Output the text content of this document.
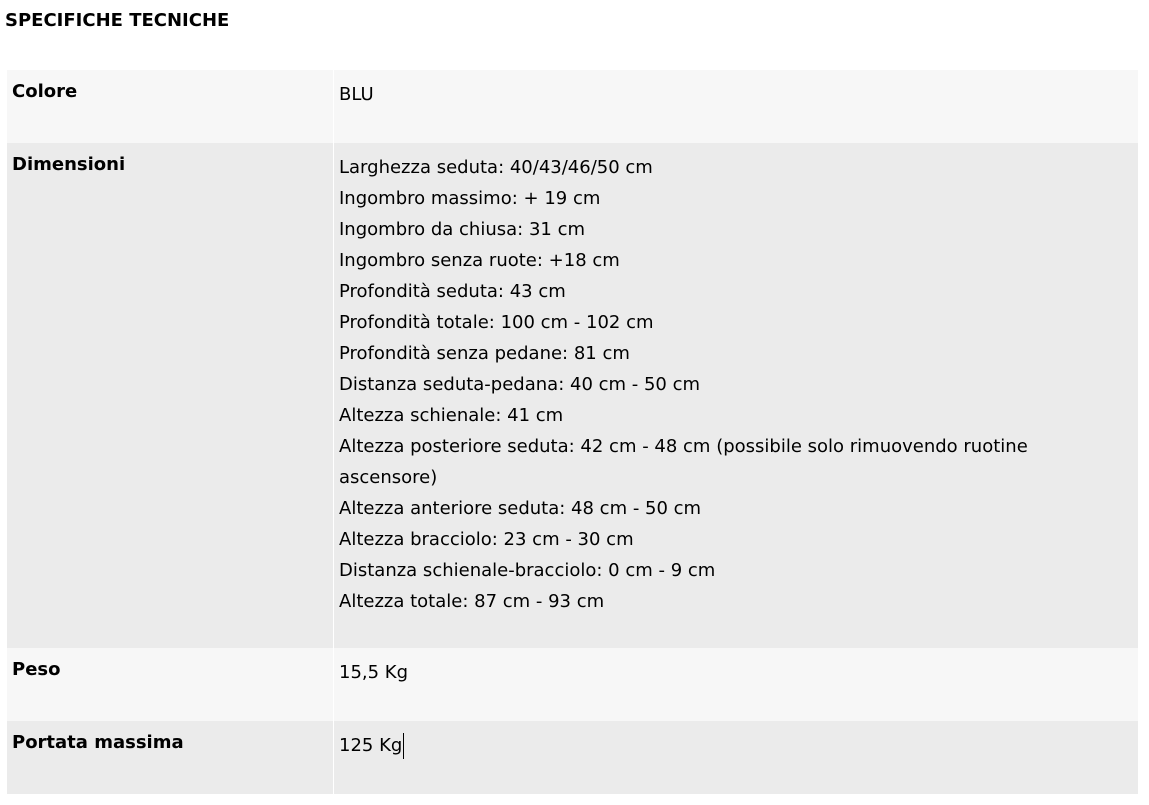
SPECIFICHE TECNICHE
Colore	BLU
Dimensioni	Larghezza seduta: 40/43/46/50 cm
Ingombro massimo: + 19 cm
Ingombro da chiusa: 31 cm
Ingombro senza ruote: +18 cm
Profondità seduta: 43 cm
Profondità totale: 100 cm - 102 cm
Profondità senza pedane: 81 cm
Distanza seduta-pedana: 40 cm - 50 cm
Altezza schienale: 41 cm
Altezza posteriore seduta: 42 cm - 48 cm (possibile solo rimuovendo ruotine
ascensore)
Altezza anteriore seduta: 48 cm - 50 cm
Altezza bracciolo: 23 cm - 30 cm
Distanza schienale-bracciolo: 0 cm - 9 cm
Altezza totale: 87 cm - 93 cm
Peso	15,5 Kg
Portata massima	125 Kg
